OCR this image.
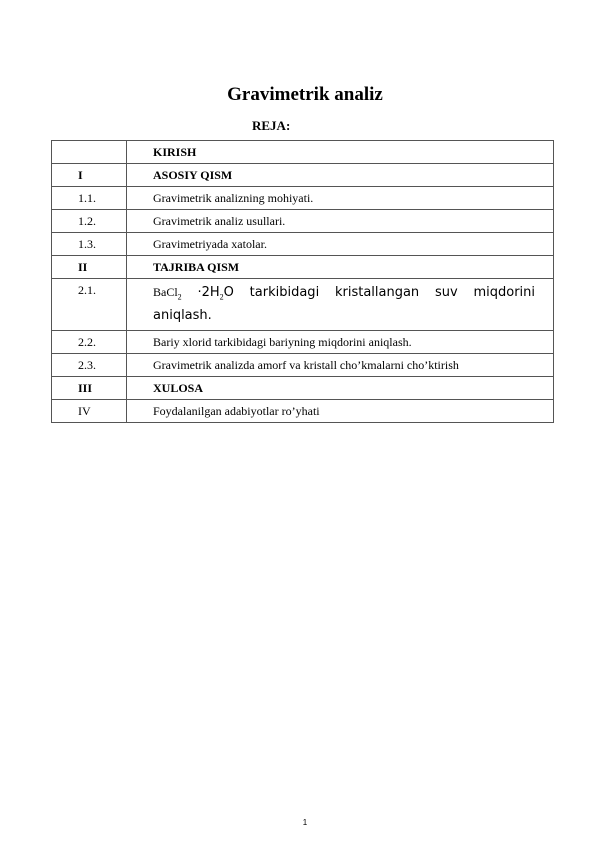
Gravimetrik analiz
REJA:
	KIRISH
I	ASOSIY QISM
1.1.	Gravimetrik analizning mohiyati.
1.2.	Gravimetrik analiz usullari.
1.3.	Gravimetriyada xatolar.
II	TAJRIBA QISM
2.1.	BaCl$_2$ $\cdot 2H_2O$ tarkibidagi kristallangan suv miqdorini aniqlash.
2.2.	Bariy xlorid tarkibidagi bariyning miqdorini aniqlash.
2.3.	Gravimetrik analizda amorf va kristall cho’kmalarni cho’ktirish
III	XULOSA
IV	Foydalanilgan adabiyotlar ro’yhati
1
